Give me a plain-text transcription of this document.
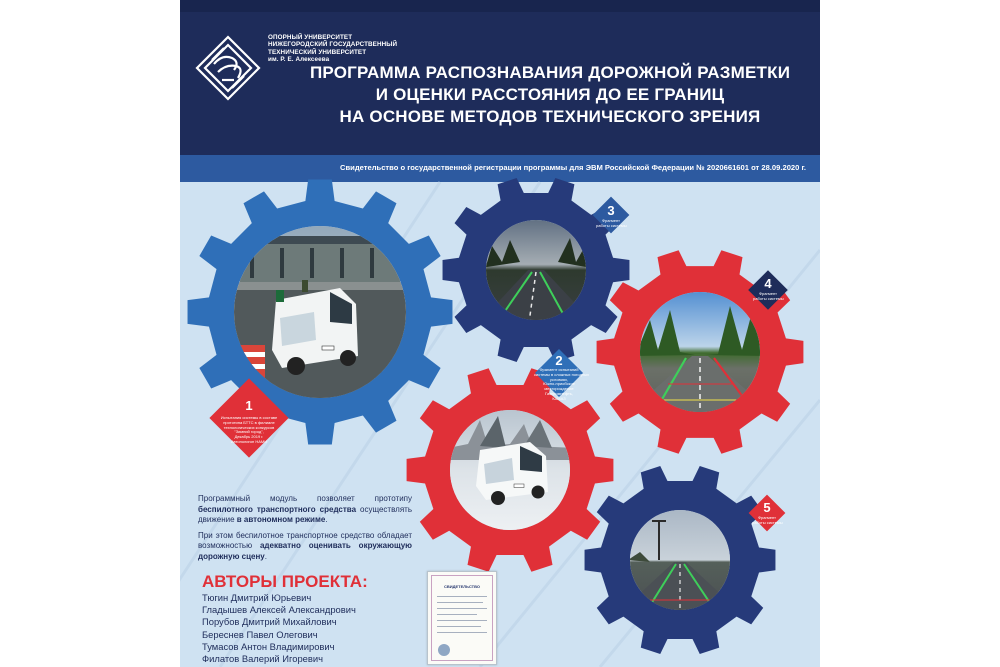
ОПОРНЫЙ УНИВЕРСИТЕТ
НИЖЕГОРОДСКИЙ ГОСУДАРСТВЕННЫЙ
ТЕХНИЧЕСКИЙ УНИВЕРСИТЕТ
им. Р. Е. Алексеева
ПРОГРАММА РАСПОЗНАВАНИЯ ДОРОЖНОЙ РАЗМЕТКИ
И ОЦЕНКИ РАССТОЯНИЯ ДО ЕЕ ГРАНИЦ
НА ОСНОВЕ МЕТОДОВ ТЕХНИЧЕСКОГО ЗРЕНИЯ
Свидетельство о государственной регистрации программы для ЭВМ Российской Федерации № 2020661601 от 28.09.2020 г.
1
Испытания системы в составе
прототипа БТТС в филиале
технологических конкурсов
"Зимний город",
Декабрь 2019 г.
Автополигон НАМИ
2
Фрагмент испытаний
системы в сложных погодных
условиях,
Южно-приобское
месторождение
Газпромнефть,
КАМАЗ
3
Фрагмент
работы системы
4
Фрагмент
работы системы
5
Фрагмент
работы системы

Программный модуль позволяет прототипу беспилотного транспортного средства осуществлять движение в автономном режиме.

При этом беспилотное транспортное средство обладает возможностью адекватно оценивать окружающую дорожную сцену.

АВТОРЫ ПРОЕКТА:
Тюгин Дмитрий Юрьевич
Гладышев Алексей Александрович
Порубов Дмитрий Михайлович
Береснев Павел Олегович
Тумасов Антон Владимирович
Филатов Валерий Игоревич
СВИДЕТЕЛЬСТВО
